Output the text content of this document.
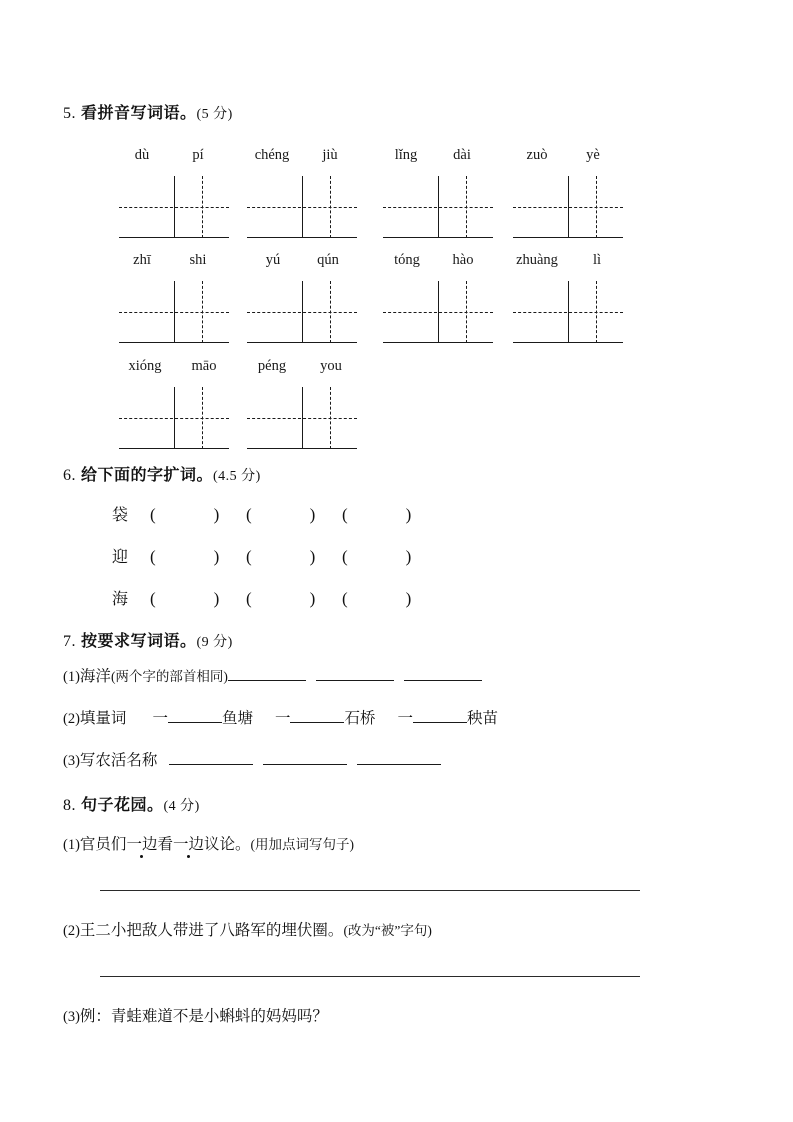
5. 看拼音写词语。(5 分)
dù	pí	chéng	jiù	lǐng	dài	zuò	yè
zhī	shi	yú	qún	tóng	hào	zhuàng	lì
xióng	māo	péng	you
6. 给下面的字扩词。(4.5 分)
袋 (	) (	) (	)
迎 (	) (	) (	)
海 (	) (	) (	)
7. 按要求写词语。(9 分)
(1)海洋(两个字的部首相同)
(2)填量词 一	鱼塘 一	石桥 一	秧苗
(3)写农活名称
8. 句子花园。(4 分)
(1)官员们一边看一边议论。(用加点词写句子)
(2)王二小把敌人带进了八路军的埋伏圈。(改为“被”字句)
(3)例：青蛙难道不是小蝌蚪的妈妈吗？
